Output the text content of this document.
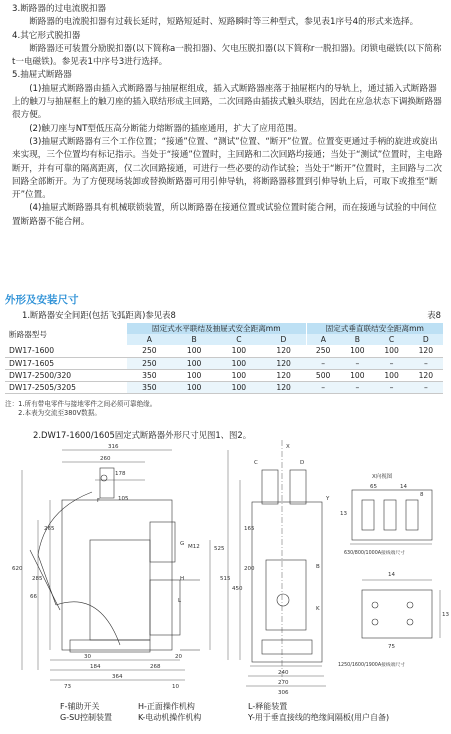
3.断路器的过电流脱扣器

断路器的电流脱扣器有过载长延时，短路短延时、短路瞬时等三种型式，参见表1序号4的形式来选择。

4.其它形式脱扣器

断路器还可装置分励脱扣器(以下简称a一脱扣器)、欠电压脱扣器(以下简称r一脱扣器)。闭锁电磁铁(以下简称t一电磁铁)。参见表1中序号3进行选择。

5.抽屉式断路器

(1)抽屉式断路器由插入式断路器与抽屉框组成，插入式断路器座落于抽屉框内的导轨上，通过插入式断路器上的触刀与抽屉框上的触刀座的插入联结形成主回路，二次回路由插拔式触头联结，因此在应急状态下调换断路器很方便。

(2)触刀座与NT型低压高分断能力熔断器的插座通用，扩大了应用范围。

(3)抽屉式断路器有三个工作位置；“接通”位置、“测试”位置、“断开”位置。位置变更通过手柄的旋进或旋出来实现，三个位置均有标记指示。当处于“接通”位置时，主回路和二次回路均接通；当处于“测试”位置时，主电路断开，并有可靠的隔离距离，仅二次回路接通，可进行一些必要的动作试验；当处于“断开”位置时，主回路与二次回路全部断开。为了方便现场装卸或替换断路器可用引伸导轨，将断路器移置到引伸导轨上后，可取下或推至“断开”位置。

(4)抽屉式断路器具有机械联锁装置，所以断路器在接通位置或试验位置时能合闸，而在接通与试验的中间位置断路器不能合闸。

外形及安装尺寸
1.断路器安全间距(包括飞弧距离)参见表8	表8
断路器型号	固定式水平联结及抽屉式安全距离mm				固定式垂直联结安全距离mm			
	A	B	C	D	A	B	C	D
DW17-1600	250	100	100	120	250	100	100	120
DW17-1605	250	100	100	120	–	–	–	–
DW17-2500/320	350	100	100	120	500	100	100	120
DW17-2505/3205	350	100	100	120	–	–	–	–
注：1.所有带电零件与接地零件之间必须可靠绝缘。
　　2.本表为交流至380V数据。
2.DW17-1600/1605固定式断路器外形尺寸见图1、图2。
316
260
178
105
265
285
620
66
30
184	268
364
73	10
20
M12
F
G
H
L
X
C	D
165
200
450
515
525
240
270
306
B
K
Y
X向视图
65	14
8
13
14
13
75
630/800/1000A接线端尺寸
1250/1600/1900A接线端尺寸
F-辅助开关	H-正面操作机构	L-释能装置
G-SU控制装置	K-电动机操作机构	Y-用于垂直接线的绝缘间隔板(用户自备)
